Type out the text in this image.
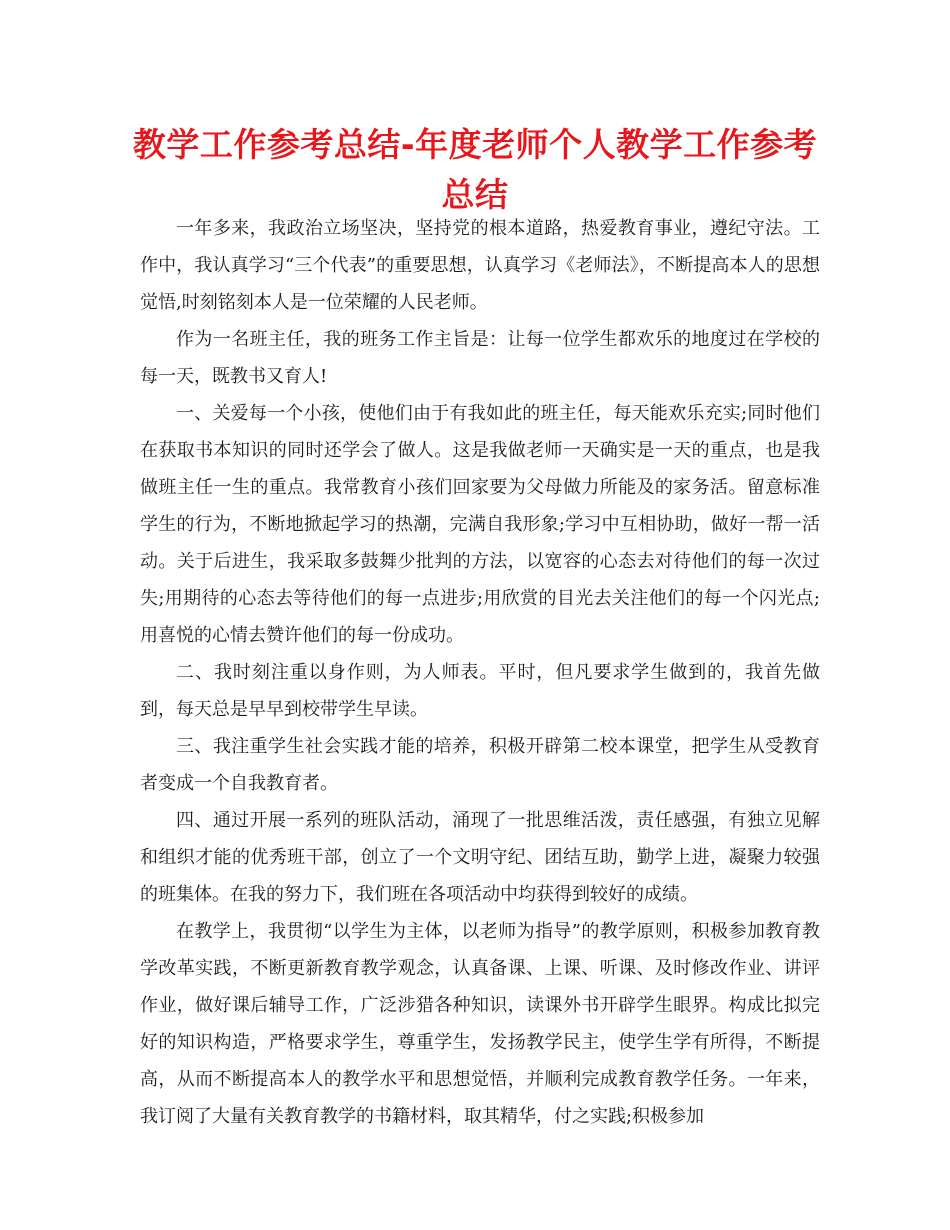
教学工作参考总结-年度老师个人教学工作参考总结

一年多来，我政治立场坚决，坚持党的根本道路，热爱教育事业，遵纪守法。工作中，我认真学习“三个代表”的重要思想，认真学习《老师法》，不断提高本人的思想觉悟,时刻铭刻本人是一位荣耀的人民老师。

作为一名班主任，我的班务工作主旨是：让每一位学生都欢乐的地度过在学校的每一天，既教书又育人!

一、关爱每一个小孩，使他们由于有我如此的班主任，每天能欢乐充实;同时他们在获取书本知识的同时还学会了做人。这是我做老师一天确实是一天的重点，也是我做班主任一生的重点。我常教育小孩们回家要为父母做力所能及的家务活。留意标准学生的行为，不断地掀起学习的热潮，完满自我形象;学习中互相协助，做好一帮一活动。关于后进生，我采取多鼓舞少批判的方法，以宽容的心态去对待他们的每一次过失;用期待的心态去等待他们的每一点进步;用欣赏的目光去关注他们的每一个闪光点;用喜悦的心情去赞许他们的每一份成功。

二、我时刻注重以身作则，为人师表。平时，但凡要求学生做到的，我首先做到，每天总是早早到校带学生早读。

三、我注重学生社会实践才能的培养，积极开辟第二校本课堂，把学生从受教育者变成一个自我教育者。

四、通过开展一系列的班队活动，涌现了一批思维活泼，责任感强，有独立见解和组织才能的优秀班干部，创立了一个文明守纪、团结互助，勤学上进，凝聚力较强的班集体。在我的努力下，我们班在各项活动中均获得到较好的成绩。

在教学上，我贯彻“以学生为主体，以老师为指导”的教学原则，积极参加教育教学改革实践，不断更新教育教学观念，认真备课、上课、听课、及时修改作业、讲评作业，做好课后辅导工作，广泛涉猎各种知识，读课外书开辟学生眼界。构成比拟完好的知识构造，严格要求学生，尊重学生，发扬教学民主，使学生学有所得，不断提高，从而不断提高本人的教学水平和思想觉悟，并顺利完成教育教学任务。一年来，我订阅了大量有关教育教学的书籍材料，取其精华，付之实践;积极参加
